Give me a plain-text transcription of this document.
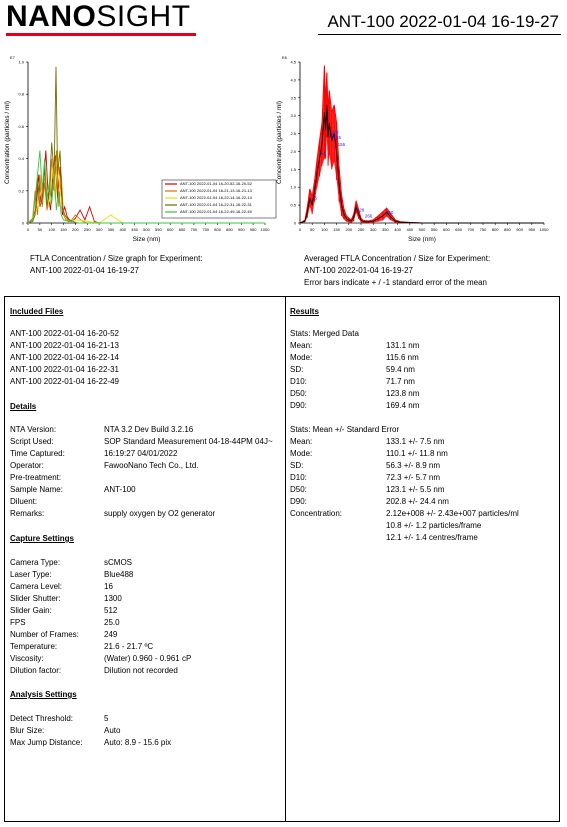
NANOSIGHT	ANT-100 2022-01-04 16-19-27
0 50 100 150 200 250 300 350 400 450 500 550 600 650 700 750 800 850 900 950 1000
0
0.2
0.4
0.6
0.8
1.0
Size (nm)
Concentration (particles / ml)
E7
ANT-100 2022-01-04 16-20-52-16-20-52
ANT-100 2022-01-04 16-21-13-16-21-13
ANT-100 2022-01-04 16-22-14-16-22-14
ANT-100 2022-01-04 16-22-31-16-22-31
ANT-100 2022-01-04 16-22-49-16-22-49
FTLA Concentration / Size graph for Experiment:
ANT-100 2022-01-04 16-19-27
0 50 100 150 200 250 300 350 400 450 500 550 600 650 700 750 800 850 900 950 1000
0
0.5
1.0
1.5
2.0
2.5
3.0
3.5
4.0
4.5
Size (nm)
Concentration (particles / ml)
E6
84
115
123
135
155
45
228
266
350
Averaged FTLA Concentration / Size for Experiment:
ANT-100 2022-01-04 16-19-27
Error bars indicate + / -1 standard error of the mean
Included Files
ANT-100 2022-01-04 16-20-52
ANT-100 2022-01-04 16-21-13
ANT-100 2022-01-04 16-22-14
ANT-100 2022-01-04 16-22-31
ANT-100 2022-01-04 16-22-49
Details
NTA Version:	NTA 3.2 Dev Build 3.2.16
Script Used:	SOP Standard Measurement 04-18-44PM 04J~
Time Captured:	16:19:27 04/01/2022
Operator:	FawooNano Tech Co., Ltd.
Pre-treatment:
Sample Name:	ANT-100
Diluent:
Remarks:	supply oxygen by O2 generator
Capture Settings
Camera Type:	sCMOS
Laser Type:	Blue488
Camera Level:	16
Slider Shutter:	1300
Slider Gain:	512
FPS	25.0
Number of Frames:	249
Temperature:	21.6 - 21.7 ºC
Viscosity:	(Water) 0.960 - 0.961 cP
Dilution factor:	Dilution not recorded
Analysis Settings
Detect Threshold:	5
Blur Size:	Auto
Max Jump Distance:	Auto: 8.9 - 15.6 pix
Results
Stats: Merged Data
Mean:	131.1 nm
Mode:	115.6 nm
SD:	59.4 nm
D10:	71.7 nm
D50:	123.8 nm
D90:	169.4 nm
Stats: Mean +/- Standard Error
Mean:	133.1 +/- 7.5 nm
Mode:	110.1 +/- 11.8 nm
SD:	56.3 +/- 8.9 nm
D10:	72.3 +/- 5.7 nm
D50:	123.1 +/- 5.5 nm
D90:	202.8 +/- 24.4 nm
Concentration:	2.12e+008 +/- 2.43e+007 particles/ml
10.8 +/- 1.2 particles/frame
12.1 +/- 1.4 centres/frame
